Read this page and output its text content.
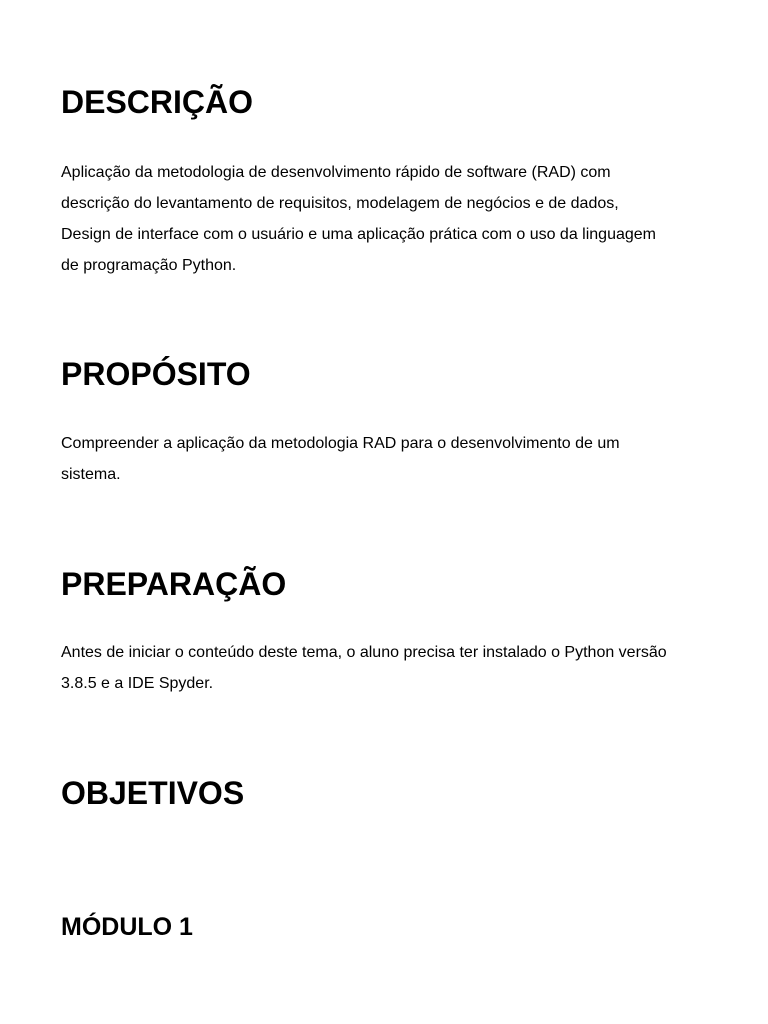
DESCRIÇÃO

Aplicação da metodologia de desenvolvimento rápido de software (RAD) com
descrição do levantamento de requisitos, modelagem de negócios e de dados,
Design de interface com o usuário e uma aplicação prática com o uso da linguagem
de programação Python.

PROPÓSITO

Compreender a aplicação da metodologia RAD para o desenvolvimento de um
sistema.

PREPARAÇÃO

Antes de iniciar o conteúdo deste tema, o aluno precisa ter instalado o Python versão
3.8.5 e a IDE Spyder.

OBJETIVOS
MÓDULO 1
